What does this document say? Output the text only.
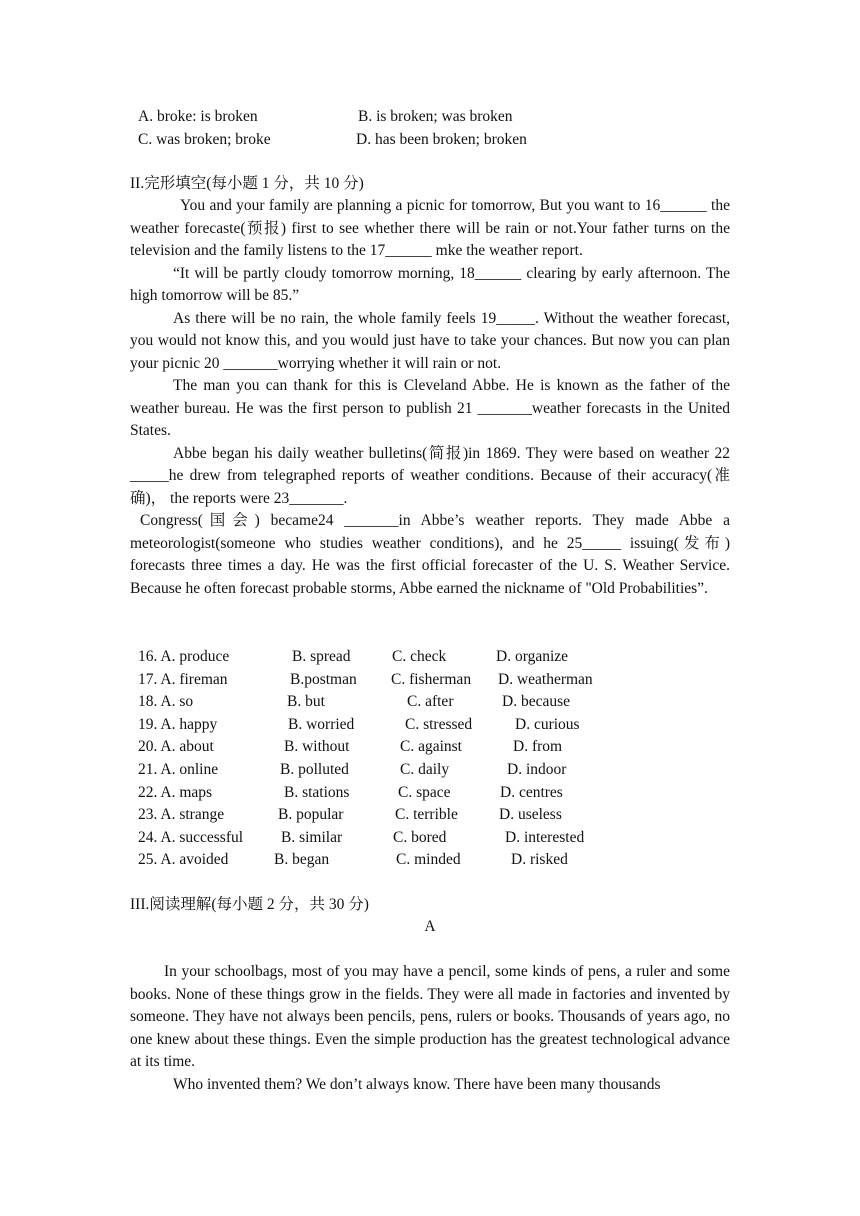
A. broke: is broken	B. is broken; was broken
C. was broken; broke	D. has been broken; broken
II.完形填空(每小题 1 分，共 10 分)

You and your family are planning a picnic for tomorrow, But you want to 16______ the weather forecaste(预报) first to see whether there will be rain or not.Your father turns on the television and the family listens to the 17______ mke the weather report.

“It will be partly cloudy tomorrow morning, 18______ clearing by early afternoon. The high tomorrow will be 85.”

As there will be no rain, the whole family feels 19_____. Without the weather forecast, you would not know this, and you would just have to take your chances. But now you can plan your picnic 20 _______worrying whether it will rain or not.

The man you can thank for this is Cleveland Abbe. He is known as the father of the weather bureau. He was the first person to publish 21 _______weather forecasts in the United States.

Abbe began his daily weather bulletins(简报)in 1869. They were based on weather 22 _____he drew from telegraphed reports of weather conditions. Because of their accuracy(准确)， the reports were 23_______.

Congress(国会) became24 _______in Abbe’s weather reports. They made Abbe a meteorologist(someone who studies weather conditions), and he 25_____ issuing(发布) forecasts three times a day. He was the first official forecaster of the U. S. Weather Service. Because he often forecast probable storms, Abbe earned the nickname of "Old Probabilities”.

16. A. produce	B. spread	C. check	D. organize
17. A. fireman	B.postman C. fisherman D. weatherman
18. A. so	B. but	C. after	D. because
19. A. happy	B. worried	C. stressed	D. curious
20. A. about	B. without	C. against	D. from
21. A. online	B. polluted	C. daily	D. indoor
22. A. maps	B. stations	C. space	D. centres
23. A. strange	B. popular	C. terrible	D. useless
24. A. successful B. similar	C. bored	D. interested
25. A. avoided	B. began	C. minded	D. risked
III.阅读理解(每小题 2 分，共 30 分)
A

In your schoolbags, most of you may have a pencil, some kinds of pens, a ruler and some books. None of these things grow in the fields. They were all made in factories and invented by someone. They have not always been pencils, pens, rulers or books. Thousands of years ago, no one knew about these things. Even the simple production has the greatest technological advance at its time.

Who invented them? We don’t always know. There have been many thousands
